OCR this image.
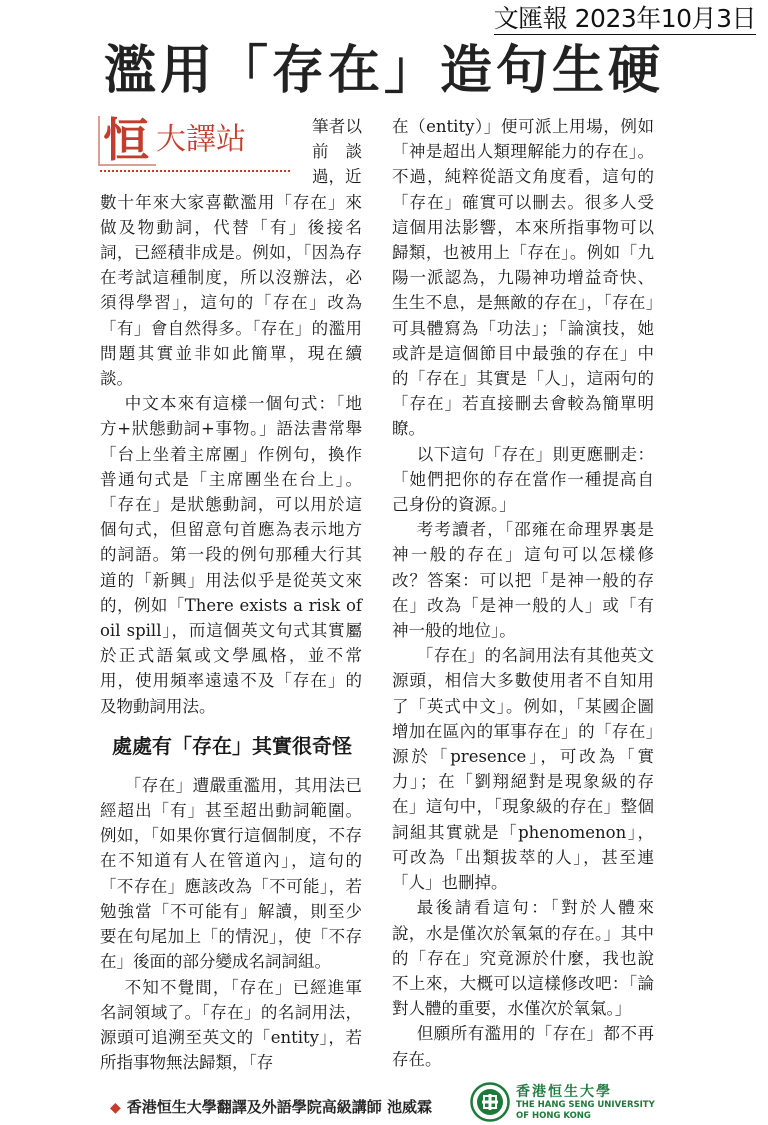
文匯報 2023年10月3日
濫用「存在」造句生硬
恒 大譯站	筆者以前談過，近

數十年來大家喜歡濫用「存在」來做及物動詞，代替「有」後接名詞，已經積非成是。例如，「因為存在考試這種制度，所以沒辦法，必須得學習」，這句的「存在」改為「有」會自然得多。「存在」的濫用問題其實並非如此簡單，現在續談。

中文本來有這樣一個句式：「地方+狀態動詞+事物。」語法書常舉「台上坐着主席團」作例句，換作普通句式是「主席團坐在台上」。「存在」是狀態動詞，可以用於這個句式，但留意句首應為表示地方的詞語。第一段的例句那種大行其道的「新興」用法似乎是從英文來的，例如「There exists a risk of oil spill」，而這個英文句式其實屬於正式語氣或文學風格，並不常用，使用頻率遠遠不及「存在」的及物動詞用法。

處處有「存在」其實很奇怪

「存在」遭嚴重濫用，其用法已經超出「有」甚至超出動詞範圍。例如，「如果你實行這個制度，不存在不知道有人在管道內」，這句的「不存在」應該改為「不可能」，若勉強當「不可能有」解讀，則至少要在句尾加上「的情況」，使「不存在」後面的部分變成名詞詞組。

不知不覺間，「存在」已經進軍名詞領域了。「存在」的名詞用法，源頭可追溯至英文的「entity」，若所指事物無法歸類，「存

在（entity）」便可派上用場，例如「神是超出人類理解能力的存在」。不過，純粹從語文角度看，這句的「存在」確實可以刪去。很多人受這個用法影響，本來所指事物可以歸類，也被用上「存在」。例如「九陽一派認為，九陽神功增益奇快、生生不息，是無敵的存在」，「存在」可具體寫為「功法」；「論演技，她或許是這個節目中最強的存在」中的「存在」其實是「人」，這兩句的「存在」若直接刪去會較為簡單明瞭。

以下這句「存在」則更應刪走：「她們把你的存在當作一種提高自己身份的資源。」

考考讀者，「邵雍在命理界裏是神一般的存在」這句可以怎樣修改？答案：可以把「是神一般的存在」改為「是神一般的人」或「有神一般的地位」。

「存在」的名詞用法有其他英文源頭，相信大多數使用者不自知用了「英式中文」。例如，「某國企圖增加在區內的軍事存在」的「存在」源於「presence」，可改為「實力」；在「劉翔絕對是現象級的存在」這句中，「現象級的存在」整個詞組其實就是「phenomenon」，可改為「出類拔萃的人」，甚至連「人」也刪掉。

最後請看這句：「對於人體來說，水是僅次於氧氣的存在。」其中的「存在」究竟源於什麼，我也說不上來，大概可以這樣修改吧：「論對人體的重要，水僅次於氧氣。」

但願所有濫用的「存在」都不再存在。

◆ 香港恒生大學翻譯及外語學院高級講師 池威霖
香港恒生大學
THE HANG SENG UNIVERSITY
OF HONG KONG
